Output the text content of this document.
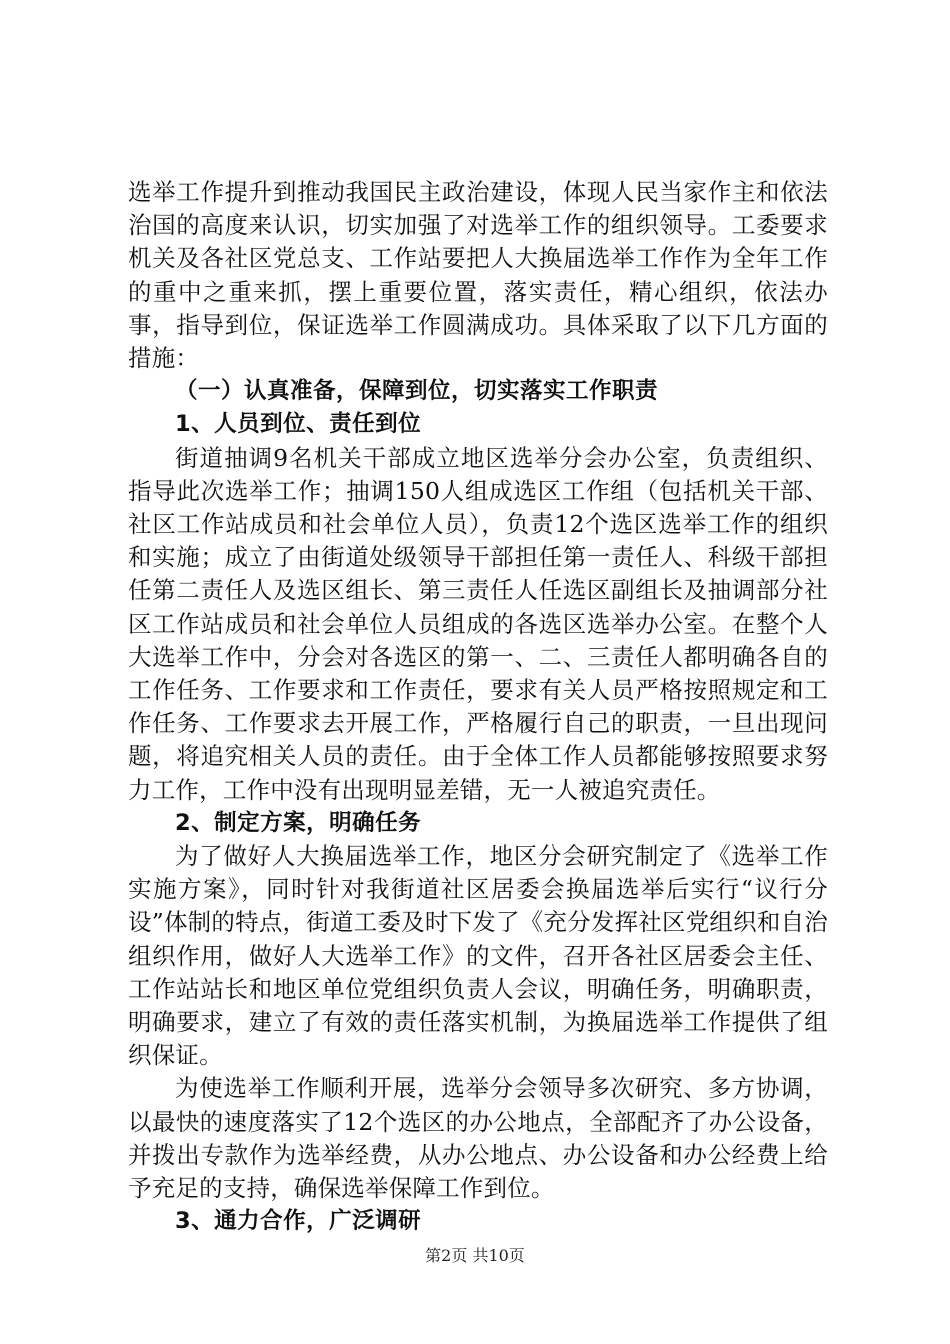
选举工作提升到推动我国民主政治建设，体现人民当家作主和依法治国的高度来认识，切实加强了对选举工作的组织领导。工委要求机关及各社区党总支、工作站要把人大换届选举工作作为全年工作的重中之重来抓，摆上重要位置，落实责任，精心组织，依法办事，指导到位，保证选举工作圆满成功。具体采取了以下几方面的措施：

（一）认真准备，保障到位，切实落实工作职责

1、人员到位、责任到位

街道抽调9名机关干部成立地区选举分会办公室，负责组织、指导此次选举工作；抽调150人组成选区工作组（包括机关干部、社区工作站成员和社会单位人员），负责12个选区选举工作的组织和实施；成立了由街道处级领导干部担任第一责任人、科级干部担任第二责任人及选区组长、第三责任人任选区副组长及抽调部分社区工作站成员和社会单位人员组成的各选区选举办公室。在整个人大选举工作中，分会对各选区的第一、二、三责任人都明确各自的工作任务、工作要求和工作责任，要求有关人员严格按照规定和工作任务、工作要求去开展工作，严格履行自己的职责，一旦出现问题，将追究相关人员的责任。由于全体工作人员都能够按照要求努力工作，工作中没有出现明显差错，无一人被追究责任。

2、制定方案，明确任务

为了做好人大换届选举工作，地区分会研究制定了《选举工作实施方案》，同时针对我街道社区居委会换届选举后实行“议行分设”体制的特点，街道工委及时下发了《充分发挥社区党组织和自治组织作用，做好人大选举工作》的文件，召开各社区居委会主任、工作站站长和地区单位党组织负责人会议，明确任务，明确职责，明确要求，建立了有效的责任落实机制，为换届选举工作提供了组织保证。

为使选举工作顺利开展，选举分会领导多次研究、多方协调，以最快的速度落实了12个选区的办公地点，全部配齐了办公设备，并拨出专款作为选举经费，从办公地点、办公设备和办公经费上给予充足的支持，确保选举保障工作到位。

3、通力合作，广泛调研

第2页 共10页
